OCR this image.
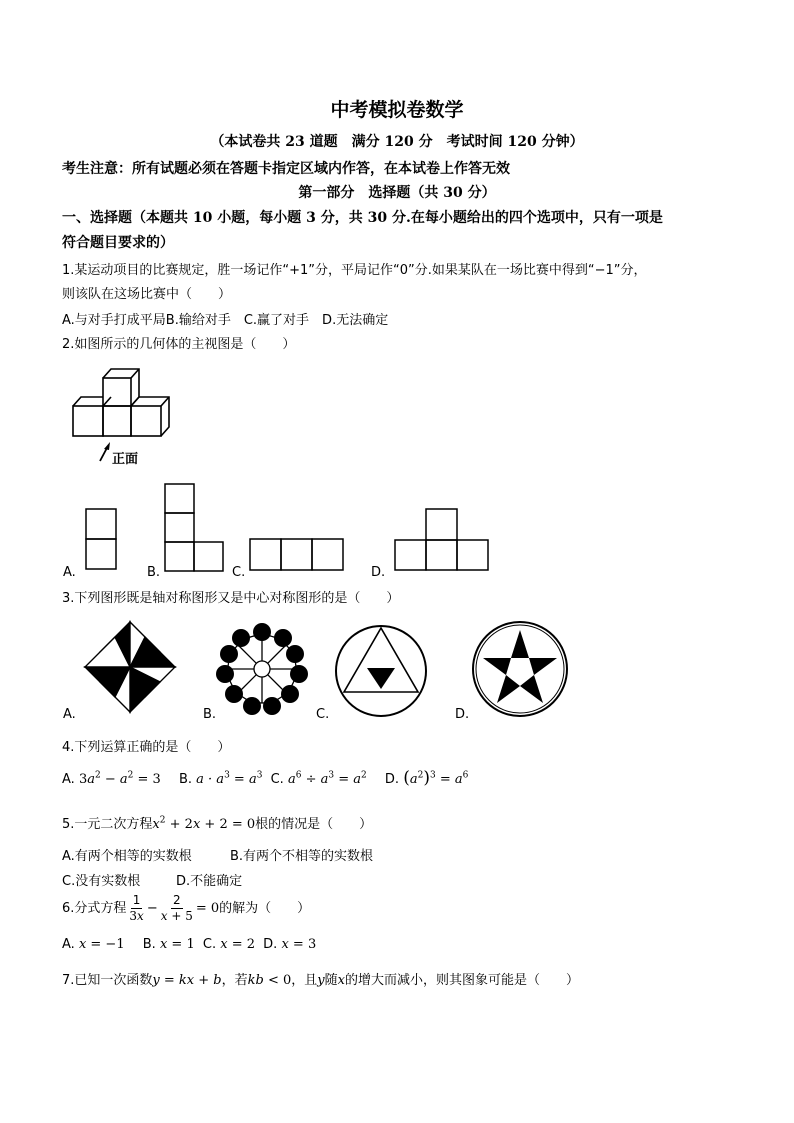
中考模拟卷数学
（本试卷共 23 道题　满分 120 分　考试时间 120 分钟）
考生注意：所有试题必须在答题卡指定区域内作答，在本试卷上作答无效
第一部分　选择题（共 30 分）
一、选择题（本题共 10 小题，每小题 3 分，共 30 分.在每小题给出的四个选项中，只有一项是
符合题目要求的）
1.某运动项目的比赛规定，胜一场记作“+1”分，平局记作“0”分.如果某队在一场比赛中得到“−1”分，
则该队在这场比赛中（　　）
A.与对手打成平局B.输给对手　C.赢了对手　D.无法确定
2.如图所示的几何体的主视图是（　　）
正面
A.	B.	C.	D.
3.下列图形既是轴对称图形又是中心对称图形的是（　　）
A.	B.	C.	D.
4.下列运算正确的是（　　）
A. $3a^2 - a^2 = 3$ B. $a \cdot a^3 = a^3$ C. $a^6 \div a^3 = a^2$ D. $(a^2)^3 = a^6$
5.一元二次方程$x^2 + 2x + 2 = 0$根的情况是（　　）
A.有两个相等的实数根	B.有两个不相等的实数根
C.没有实数根	D.不能确定
6.分式方程 $\frac{1}{3x} - \frac{2}{x + 5} = 0$的解为（　　）
A. x = −1 B. x = 1 C. x = 2 D. x = 3
7.已知一次函数y = kx + b，若kb < 0，且y随x的增大而减小，则其图象可能是（　　）
